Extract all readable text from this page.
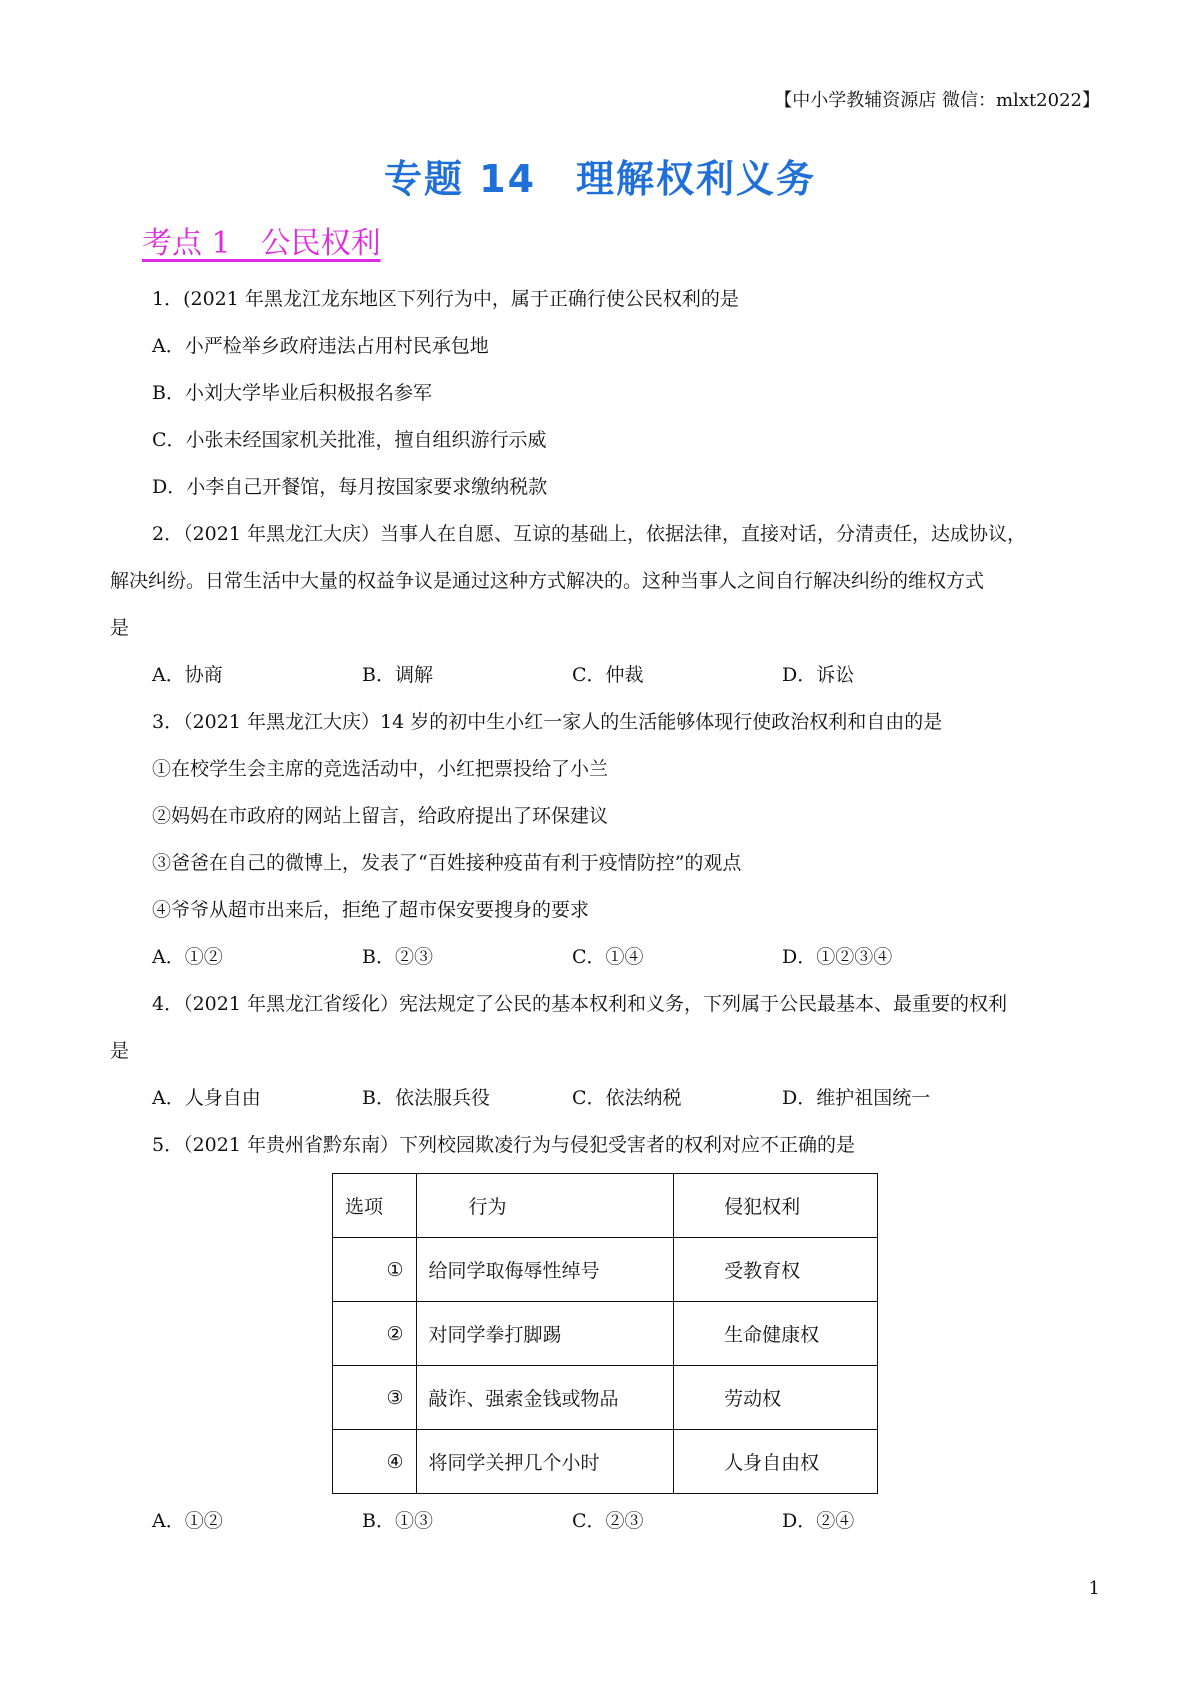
【中小学教辅资源店 微信：mlxt2022】
专题 14　理解权利义务
考点 1　公民权利
1．(2021 年黑龙江龙东地区下列行为中，属于正确行使公民权利的是
A．小严检举乡政府违法占用村民承包地
B．小刘大学毕业后积极报名参军
C．小张未经国家机关批准，擅自组织游行示威
D．小李自己开餐馆，每月按国家要求缴纳税款
2．（2021 年黑龙江大庆）当事人在自愿、互谅的基础上，依据法律，直接对话，分清责任，达成协议，
解决纠纷。日常生活中大量的权益争议是通过这种方式解决的。这种当事人之间自行解决纠纷的维权方式
是
A．协商	B．调解	C．仲裁	D．诉讼
3．（2021 年黑龙江大庆）14 岁的初中生小红一家人的生活能够体现行使政治权利和自由的是
①在校学生会主席的竞选活动中，小红把票投给了小兰
②妈妈在市政府的网站上留言，给政府提出了环保建议
③爸爸在自己的微博上，发表了“百姓接种疫苗有利于疫情防控”的观点
④爷爷从超市出来后，拒绝了超市保安要搜身的要求
A．①②	B．②③	C．①④	D．①②③④
4．（2021 年黑龙江省绥化）宪法规定了公民的基本权利和义务，下列属于公民最基本、最重要的权利
是
A．人身自由	B．依法服兵役	C．依法纳税	D．维护祖国统一
5．（2021 年贵州省黔东南）下列校园欺凌行为与侵犯受害者的权利对应不正确的是
选项	行为	侵犯权利
①	给同学取侮辱性绰号	受教育权
②	对同学拳打脚踢	生命健康权
③	敲诈、强索金钱或物品	劳动权
④	将同学关押几个小时	人身自由权
A．①②	B．①③	C．②③	D．②④
1
